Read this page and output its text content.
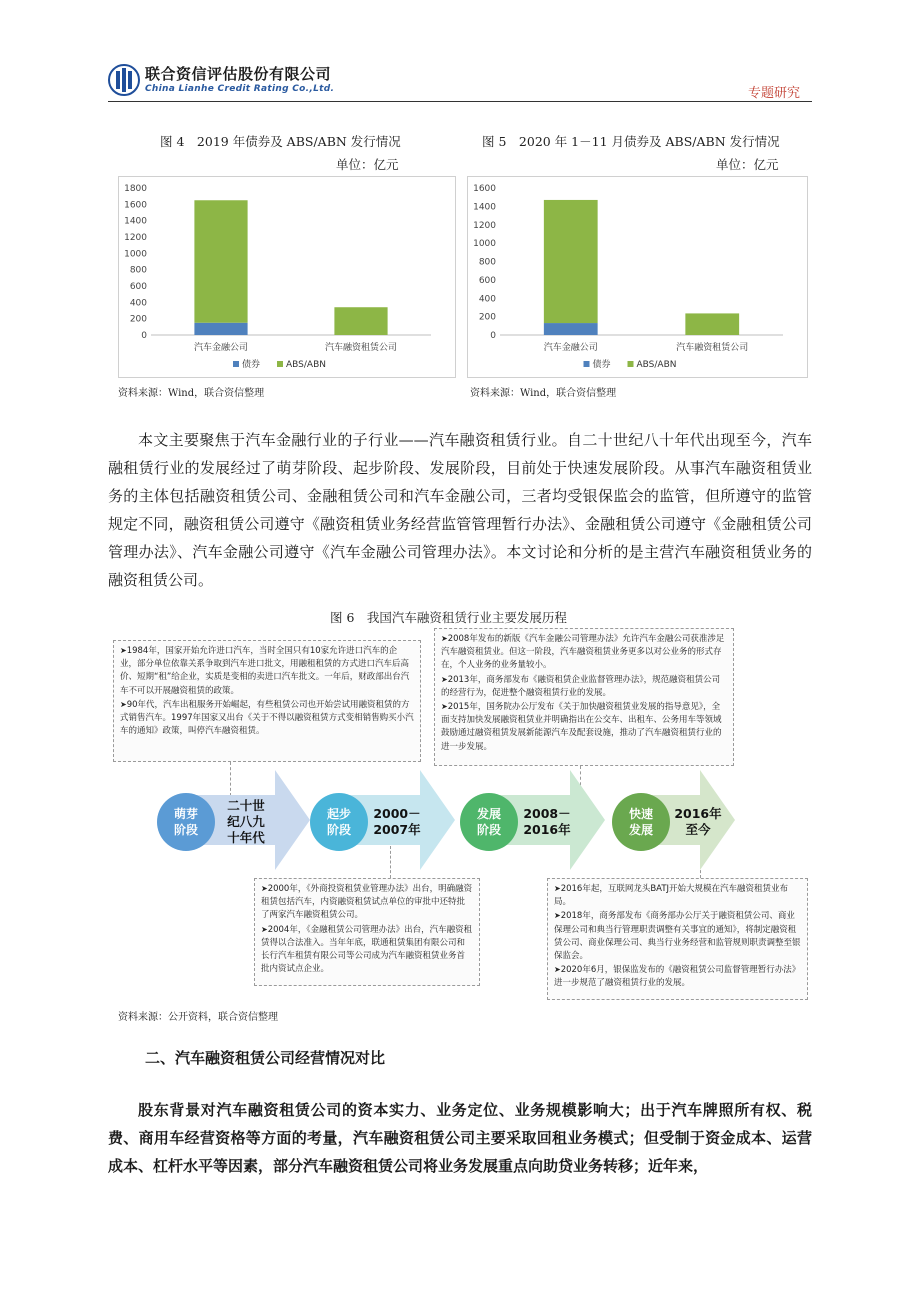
联合资信评估股份有限公司
China Lianhe Credit Rating Co.,Ltd.	专题研究
图 4　2019 年债券及 ABS/ABN 发行情况
单位：亿元
0
200
400
600
800
1000
1200
1400
1600
1800
汽车金融公司	汽车融资租赁公司
债券	ABS/ABN
资料来源：Wind，联合资信整理
图 5　2020 年 1－11 月债券及 ABS/ABN 发行情况
单位：亿元
0
200
400
600
800
1000
1200
1400
1600
汽车金融公司	汽车融资租赁公司
债券	ABS/ABN
资料来源：Wind，联合资信整理

本文主要聚焦于汽车金融行业的子行业——汽车融资租赁行业。自二十世纪八十年代出现至今，汽车融租赁行业的发展经过了萌芽阶段、起步阶段、发展阶段，目前处于快速发展阶段。从事汽车融资租赁业务的主体包括融资租赁公司、金融租赁公司和汽车金融公司，三者均受银保监会的监管，但所遵守的监管规定不同，融资租赁公司遵守《融资租赁业务经营监管管理暂行办法》、金融租赁公司遵守《金融租赁公司管理办法》、汽车金融公司遵守《汽车金融公司管理办法》。本文讨论和分析的是主营汽车融资租赁业务的融资租赁公司。

图 6　我国汽车融资租赁行业主要发展历程

➤ 1984年，国家开始允许进口汽车，当时全国只有10家允许进口汽车的企业，部分单位依靠关系争取到汽车进口批文，用融租租赁的方式进口汽车后高价、短期“租”给企业，实质是变相的卖进口汽车批文。一年后，财政部出台汽车不可以开展融资租赁的政策。

➤ 90年代，汽车出租服务开始崛起，有些租赁公司也开始尝试用融资租赁的方式销售汽车。1997年国家又出台《关于不得以融资租赁方式变相销售购买小汽车的通知》政策，叫停汽车融资租赁。

➤ 2008年发布的新版《汽车金融公司管理办法》允许汽车金融公司获准涉足汽车融资租赁业。但这一阶段，汽车融资租赁业务更多以对公业务的形式存在，个人业务的业务量较小。

➤ 2013年，商务部发布《融资租赁企业监督管理办法》，规范融资租赁公司的经营行为，促进整个融资租赁行业的发展。

➤ 2015年，国务院办公厅发布《关于加快融资租赁业发展的指导意见》，全面支持加快发展融资租赁业并明确指出在公交车、出租车、公务用车等领域鼓励通过融资租赁发展新能源汽车及配套设施，推动了汽车融资租赁行业的进一步发展。

萌芽
阶段
二十世
纪八九
十年代
起步
阶段
2000－
2007年
发展
阶段
2008－
2016年
快速
发展
2016年
至今

➤ 2000年，《外商投资租赁业管理办法》出台，明确融资租赁包括汽车，内资融资租赁试点单位的审批中还特批了两家汽车融资租赁公司。

➤ 2004年，《金融租赁公司管理办法》出台，汽车融资租赁得以合法准入。当年年底，联通租赁集团有限公司和长行汽车租赁有限公司等公司成为汽车融资租赁业务首批内资试点企业。

➤ 2016年起，互联网龙头BATJ开始大规模在汽车融资租赁业布局。

➤ 2018年，商务部发布《商务部办公厅关于融资租赁公司、商业保理公司和典当行管理职责调整有关事宜的通知》，将制定融资租赁公司、商业保理公司、典当行业务经营和监管规则职责调整至银保监会。

➤ 2020年6月，银保监发布的《融资租赁公司监督管理暂行办法》进一步规范了融资租赁行业的发展。

资料来源：公开资料，联合资信整理
二、汽车融资租赁公司经营情况对比

股东背景对汽车融资租赁公司的资本实力、业务定位、业务规模影响大；出于汽车牌照所有权、税费、商用车经营资格等方面的考量，汽车融资租赁公司主要采取回租业务模式；但受制于资金成本、运营成本、杠杆水平等因素，部分汽车融资租赁公司将业务发展重点向助贷业务转移；近年来，
